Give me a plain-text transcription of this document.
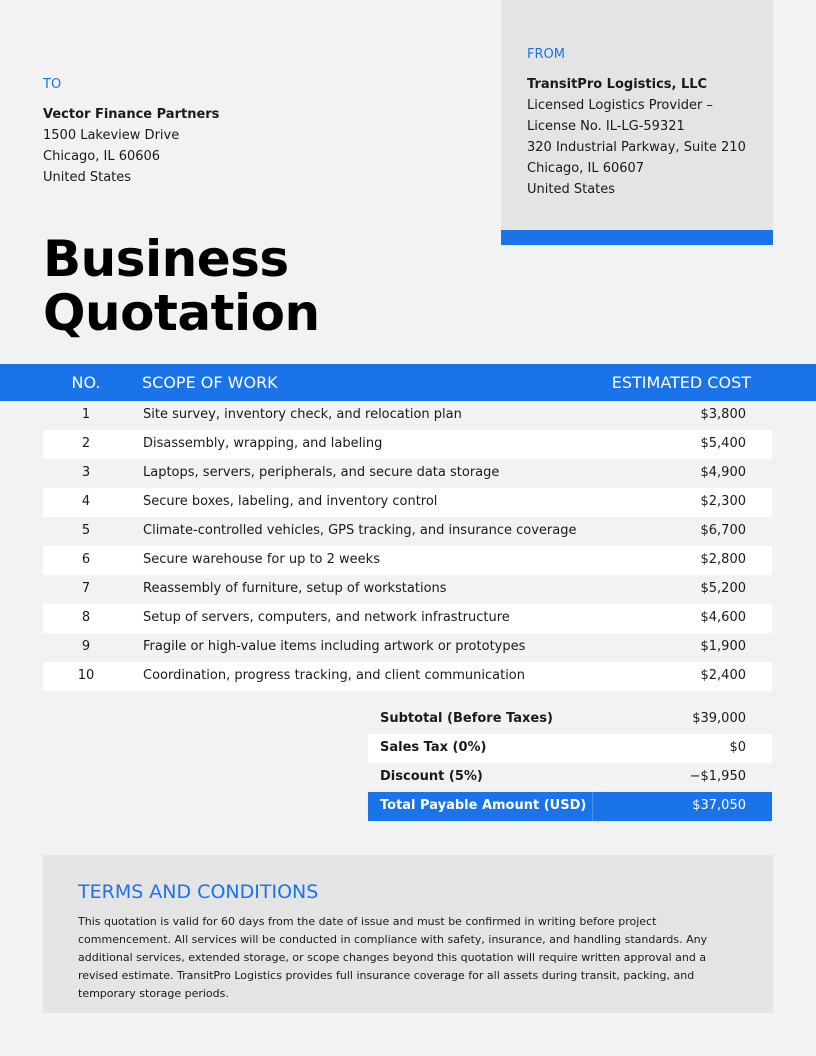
TO
Vector Finance Partners
1500 Lakeview Drive
Chicago, IL 60606
United States
FROM
TransitPro Logistics, LLC
Licensed Logistics Provider –
License No. IL-LG-59321
320 Industrial Parkway, Suite 210
Chicago, IL 60607
United States
Business
Quotation
NO.	SCOPE OF WORK	ESTIMATED COST
1	Site survey, inventory check, and relocation plan	$3,800
2	Disassembly, wrapping, and labeling	$5,400
3	Laptops, servers, peripherals, and secure data storage	$4,900
4	Secure boxes, labeling, and inventory control	$2,300
5	Climate-controlled vehicles, GPS tracking, and insurance coverage	$6,700
6	Secure warehouse for up to 2 weeks	$2,800
7	Reassembly of furniture, setup of workstations	$5,200
8	Setup of servers, computers, and network infrastructure	$4,600
9	Fragile or high-value items including artwork or prototypes	$1,900
10	Coordination, progress tracking, and client communication	$2,400
Subtotal (Before Taxes)	$39,000
Sales Tax (0%)	$0
Discount (5%)	−$1,950
Total Payable Amount (USD)	$37,050
TERMS AND CONDITIONS

This quotation is valid for 60 days from the date of issue and must be confirmed in writing before project commencement. All services will be conducted in compliance with safety, insurance, and handling standards. Any additional services, extended storage, or scope changes beyond this quotation will require written approval and a revised estimate. TransitPro Logistics provides full insurance coverage for all assets during transit, packing, and temporary storage periods.
